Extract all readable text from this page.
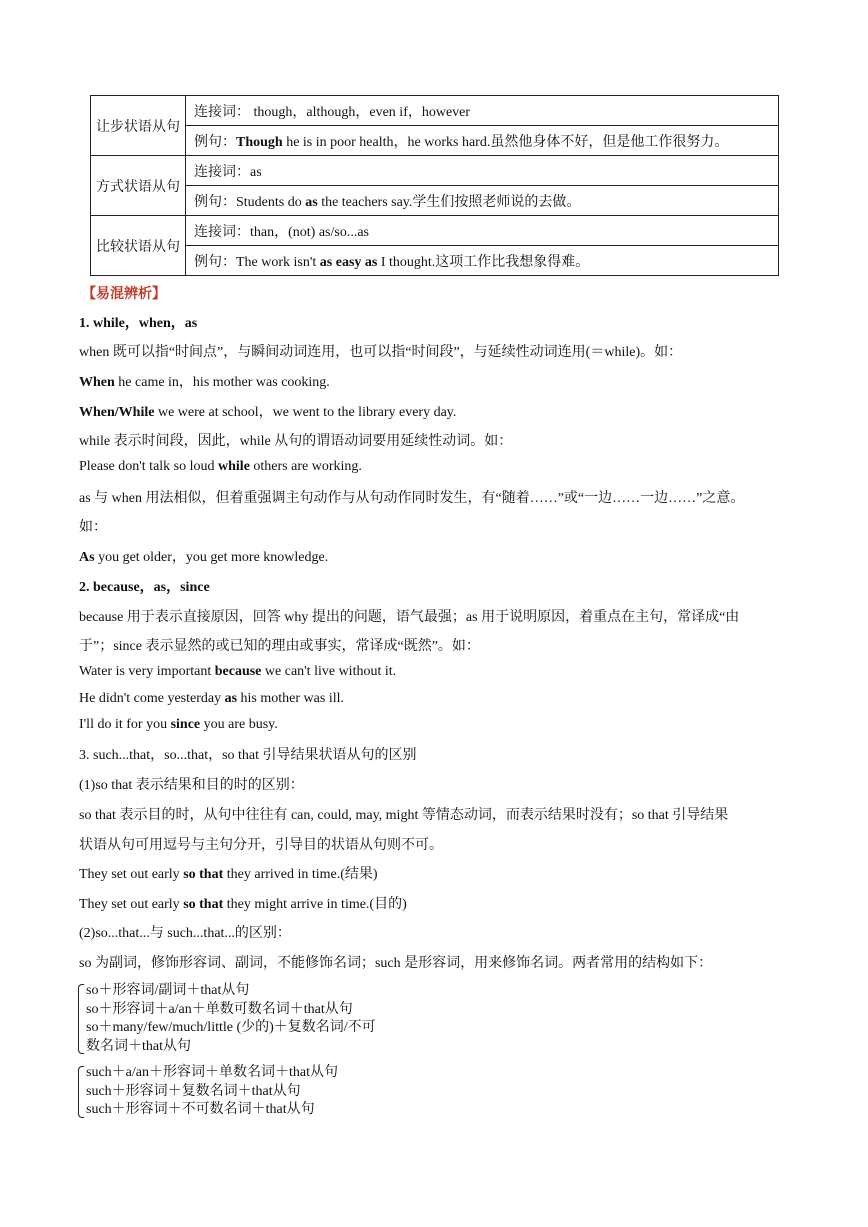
让步状语从句	连接词： though，although，even if，however
	例句：Though he is in poor health，he works hard.虽然他身体不好，但是他工作很努力。
方式状语从句	连接词：as
	例句：Students do as the teachers say.学生们按照老师说的去做。
比较状语从句	连接词：than，(not) as/so...as
	例句：The work isn't as easy as I thought.这项工作比我想象得难。
【易混辨析】
1. while，when，as
when 既可以指“时间点”，与瞬间动词连用，也可以指“时间段”，与延续性动词连用(＝while)。如：
When he came in，his mother was cooking.
When/While we were at school，we went to the library every day.
while 表示时间段，因此，while 从句的谓语动词要用延续性动词。如：
Please don't talk so loud while others are working.
as 与 when 用法相似，但着重强调主句动作与从句动作同时发生，有“随着……”或“一边……一边……”之意。
如：
As you get older，you get more knowledge.
2. because，as，since
because 用于表示直接原因，回答 why 提出的问题，语气最强；as 用于说明原因，着重点在主句，常译成“由
于”；since 表示显然的或已知的理由或事实，常译成“既然”。如：
Water is very important because we can't live without it.
He didn't come yesterday as his mother was ill.
I'll do it for you since you are busy.
3. such...that，so...that，so that 引导结果状语从句的区别
(1)so that 表示结果和目的时的区别：
so that 表示目的时，从句中往往有 can, could, may, might 等情态动词，而表示结果时没有；so that 引导结果
状语从句可用逗号与主句分开，引导目的状语从句则不可。
They set out early so that they arrived in time.(结果)
They set out early so that they might arrive in time.(目的)
(2)so...that...与 such...that...的区别：
so 为副词，修饰形容词、副词，不能修饰名词；such 是形容词，用来修饰名词。两者常用的结构如下：
so＋形容词/副词＋that从句
so＋形容词＋a/an＋单数可数名词＋that从句
so＋many/few/much/little (少的)＋复数名词/不可
数名词＋that从句
such＋a/an＋形容词＋单数名词＋that从句
such＋形容词＋复数名词＋that从句
such＋形容词＋不可数名词＋that从句
